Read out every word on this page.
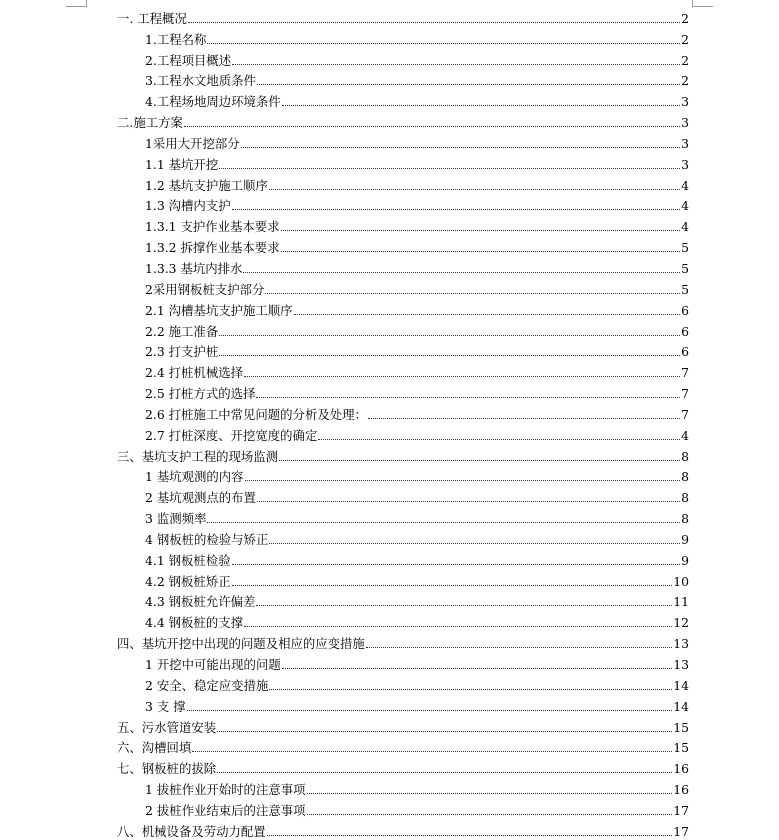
一. 工程概况	2
1.工程名称	2
2.工程项目概述	2
3.工程水文地质条件	2
4.工程场地周边环境条件	3
二.施工方案	3
1采用大开挖部分	3
1.1 基坑开挖	3
1.2 基坑支护施工顺序	4
1.3 沟槽内支护	4
1.3.1 支护作业基本要求	4
1.3.2 拆撑作业基本要求	5
1.3.3 基坑内排水	5
2采用钢板桩支护部分	5
2.1 沟槽基坑支护施工顺序	6
2.2 施工准备	6
2.3 打支护桩	6
2.4 打桩机械选择	7
2.5 打桩方式的选择	7
2.6 打桩施工中常见问题的分析及处理：	7
2.7 打桩深度、开挖宽度的确定	4
三、基坑支护工程的现场监测	8
1 基坑观测的内容	8
2 基坑观测点的布置	8
3 监测频率	8
4 钢板桩的检验与矫正	9
4.1 钢板桩检验	9
4.2 钢板桩矫正	10
4.3 钢板桩允许偏差	11
4.4 钢板桩的支撑	12
四、基坑开挖中出现的问题及相应的应变措施	13
1 开挖中可能出现的问题	13
2 安全、稳定应变措施	14
3 支 撑	14
五、污水管道安装	15
六、沟槽回填	15
七、钢板桩的拔除	16
1 拔桩作业开始时的注意事项	16
2 拔桩作业结束后的注意事项	17
八、机械设备及劳动力配置	17
